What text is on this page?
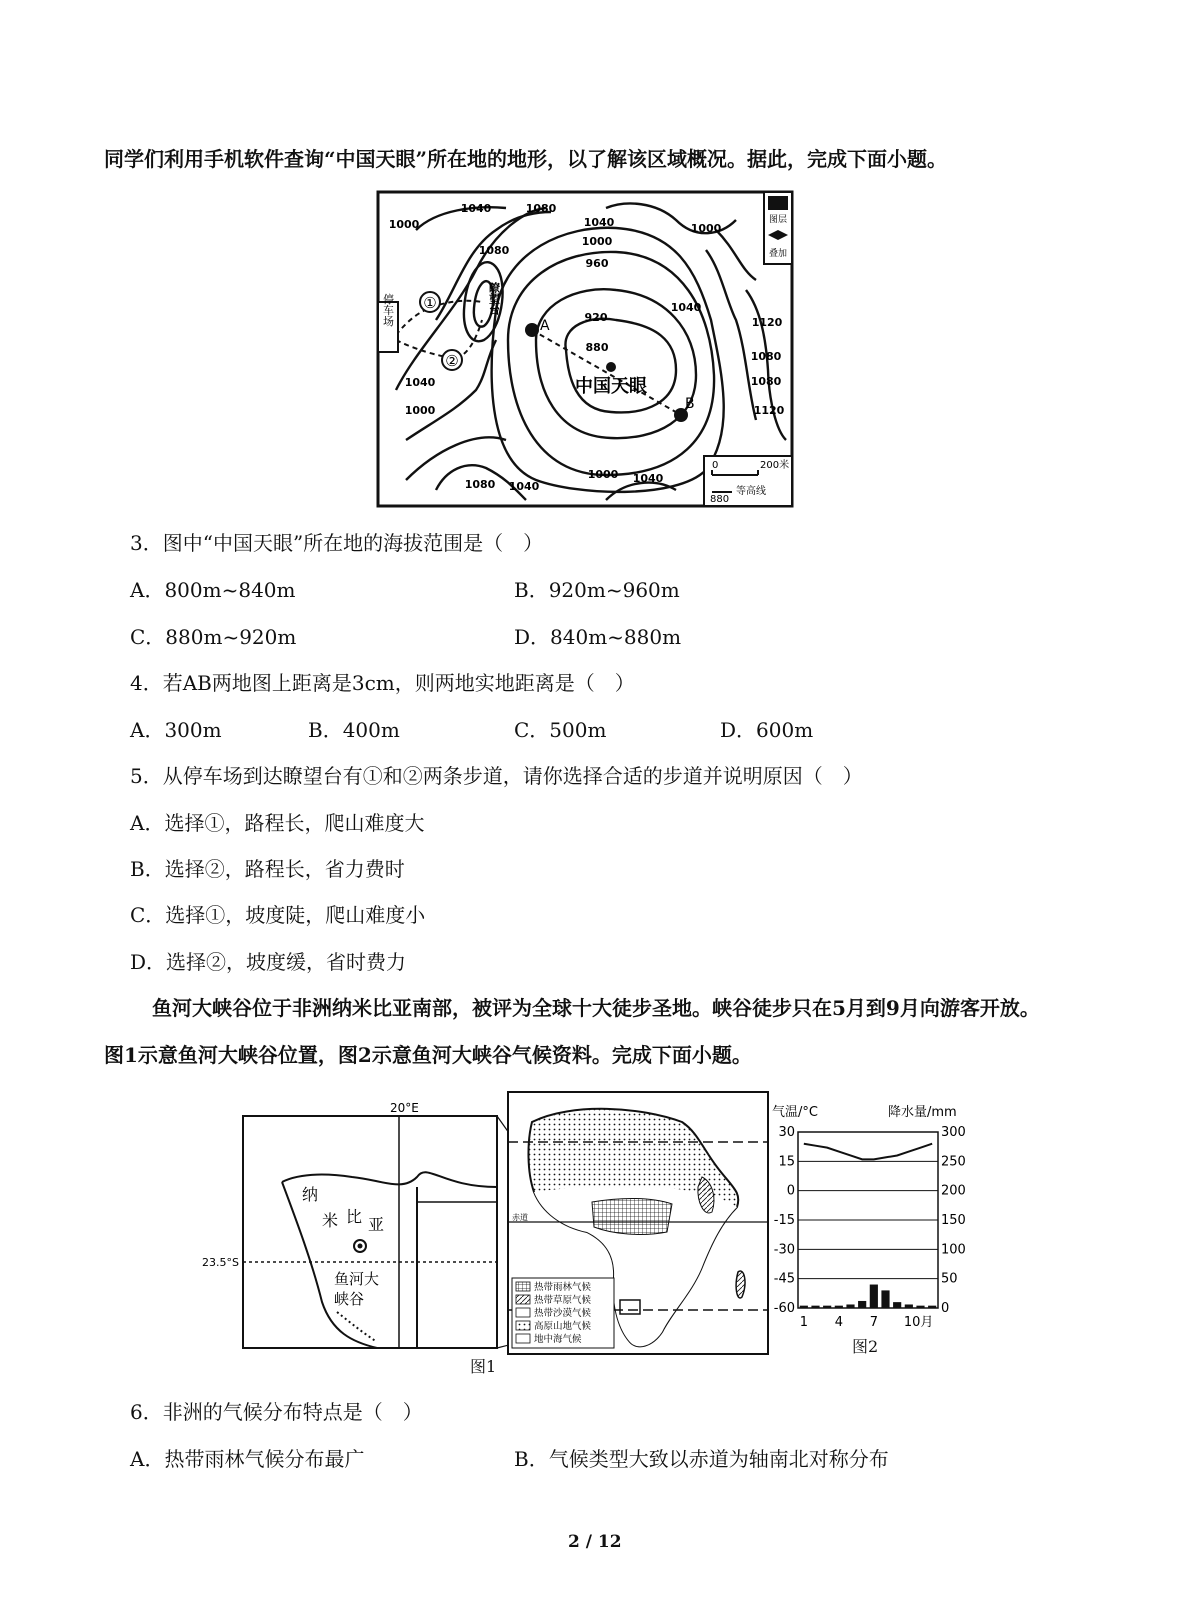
同学们利用手机软件查询“中国天眼”所在地的地形，以了解该区域概况。据此，完成下面小题。
①
②
A
B
中国天眼
停车场	瞭望台
图层
叠加
0	200米
880
等高线
1040	1080
1000	1040
1000
1080
960
920
880
1040
1000
1120
1080
1080
1120
1040
1000
1080 1040
1000 1040
3．图中“中国天眼”所在地的海拔范围是（　）
A．800m~840m	B．920m~960m
C．880m~920m	D．840m~880m
4．若AB两地图上距离是3cm，则两地实地距离是（　）
A．300m	B．400m	C．500m	D．600m
5．从停车场到达瞭望台有①和②两条步道，请你选择合适的步道并说明原因（　）
A．选择①，路程长，爬山难度大
B．选择②，路程长，省力费时
C．选择①，坡度陡，爬山难度小
D．选择②，坡度缓，省时费力
鱼河大峡谷位于非洲纳米比亚南部，被评为全球十大徒步圣地。峡谷徒步只在5月到9月向游客开放。
图1示意鱼河大峡谷位置，图2示意鱼河大峡谷气候资料。完成下面小题。
20°E
23.5°S
纳
米 比 亚
鱼河大
峡谷
赤道
热带雨林气候
热带草原气候
热带沙漠气候
高原山地气候
地中海气候
图1
气温/°C	降水量/mm
30
15
0
-15
-30
-45
-60
300
250
200
150
100
50
0
1 4 7 10月
图2
6．非洲的气候分布特点是（　）
A．热带雨林气候分布最广	B．气候类型大致以赤道为轴南北对称分布
2 / 12
